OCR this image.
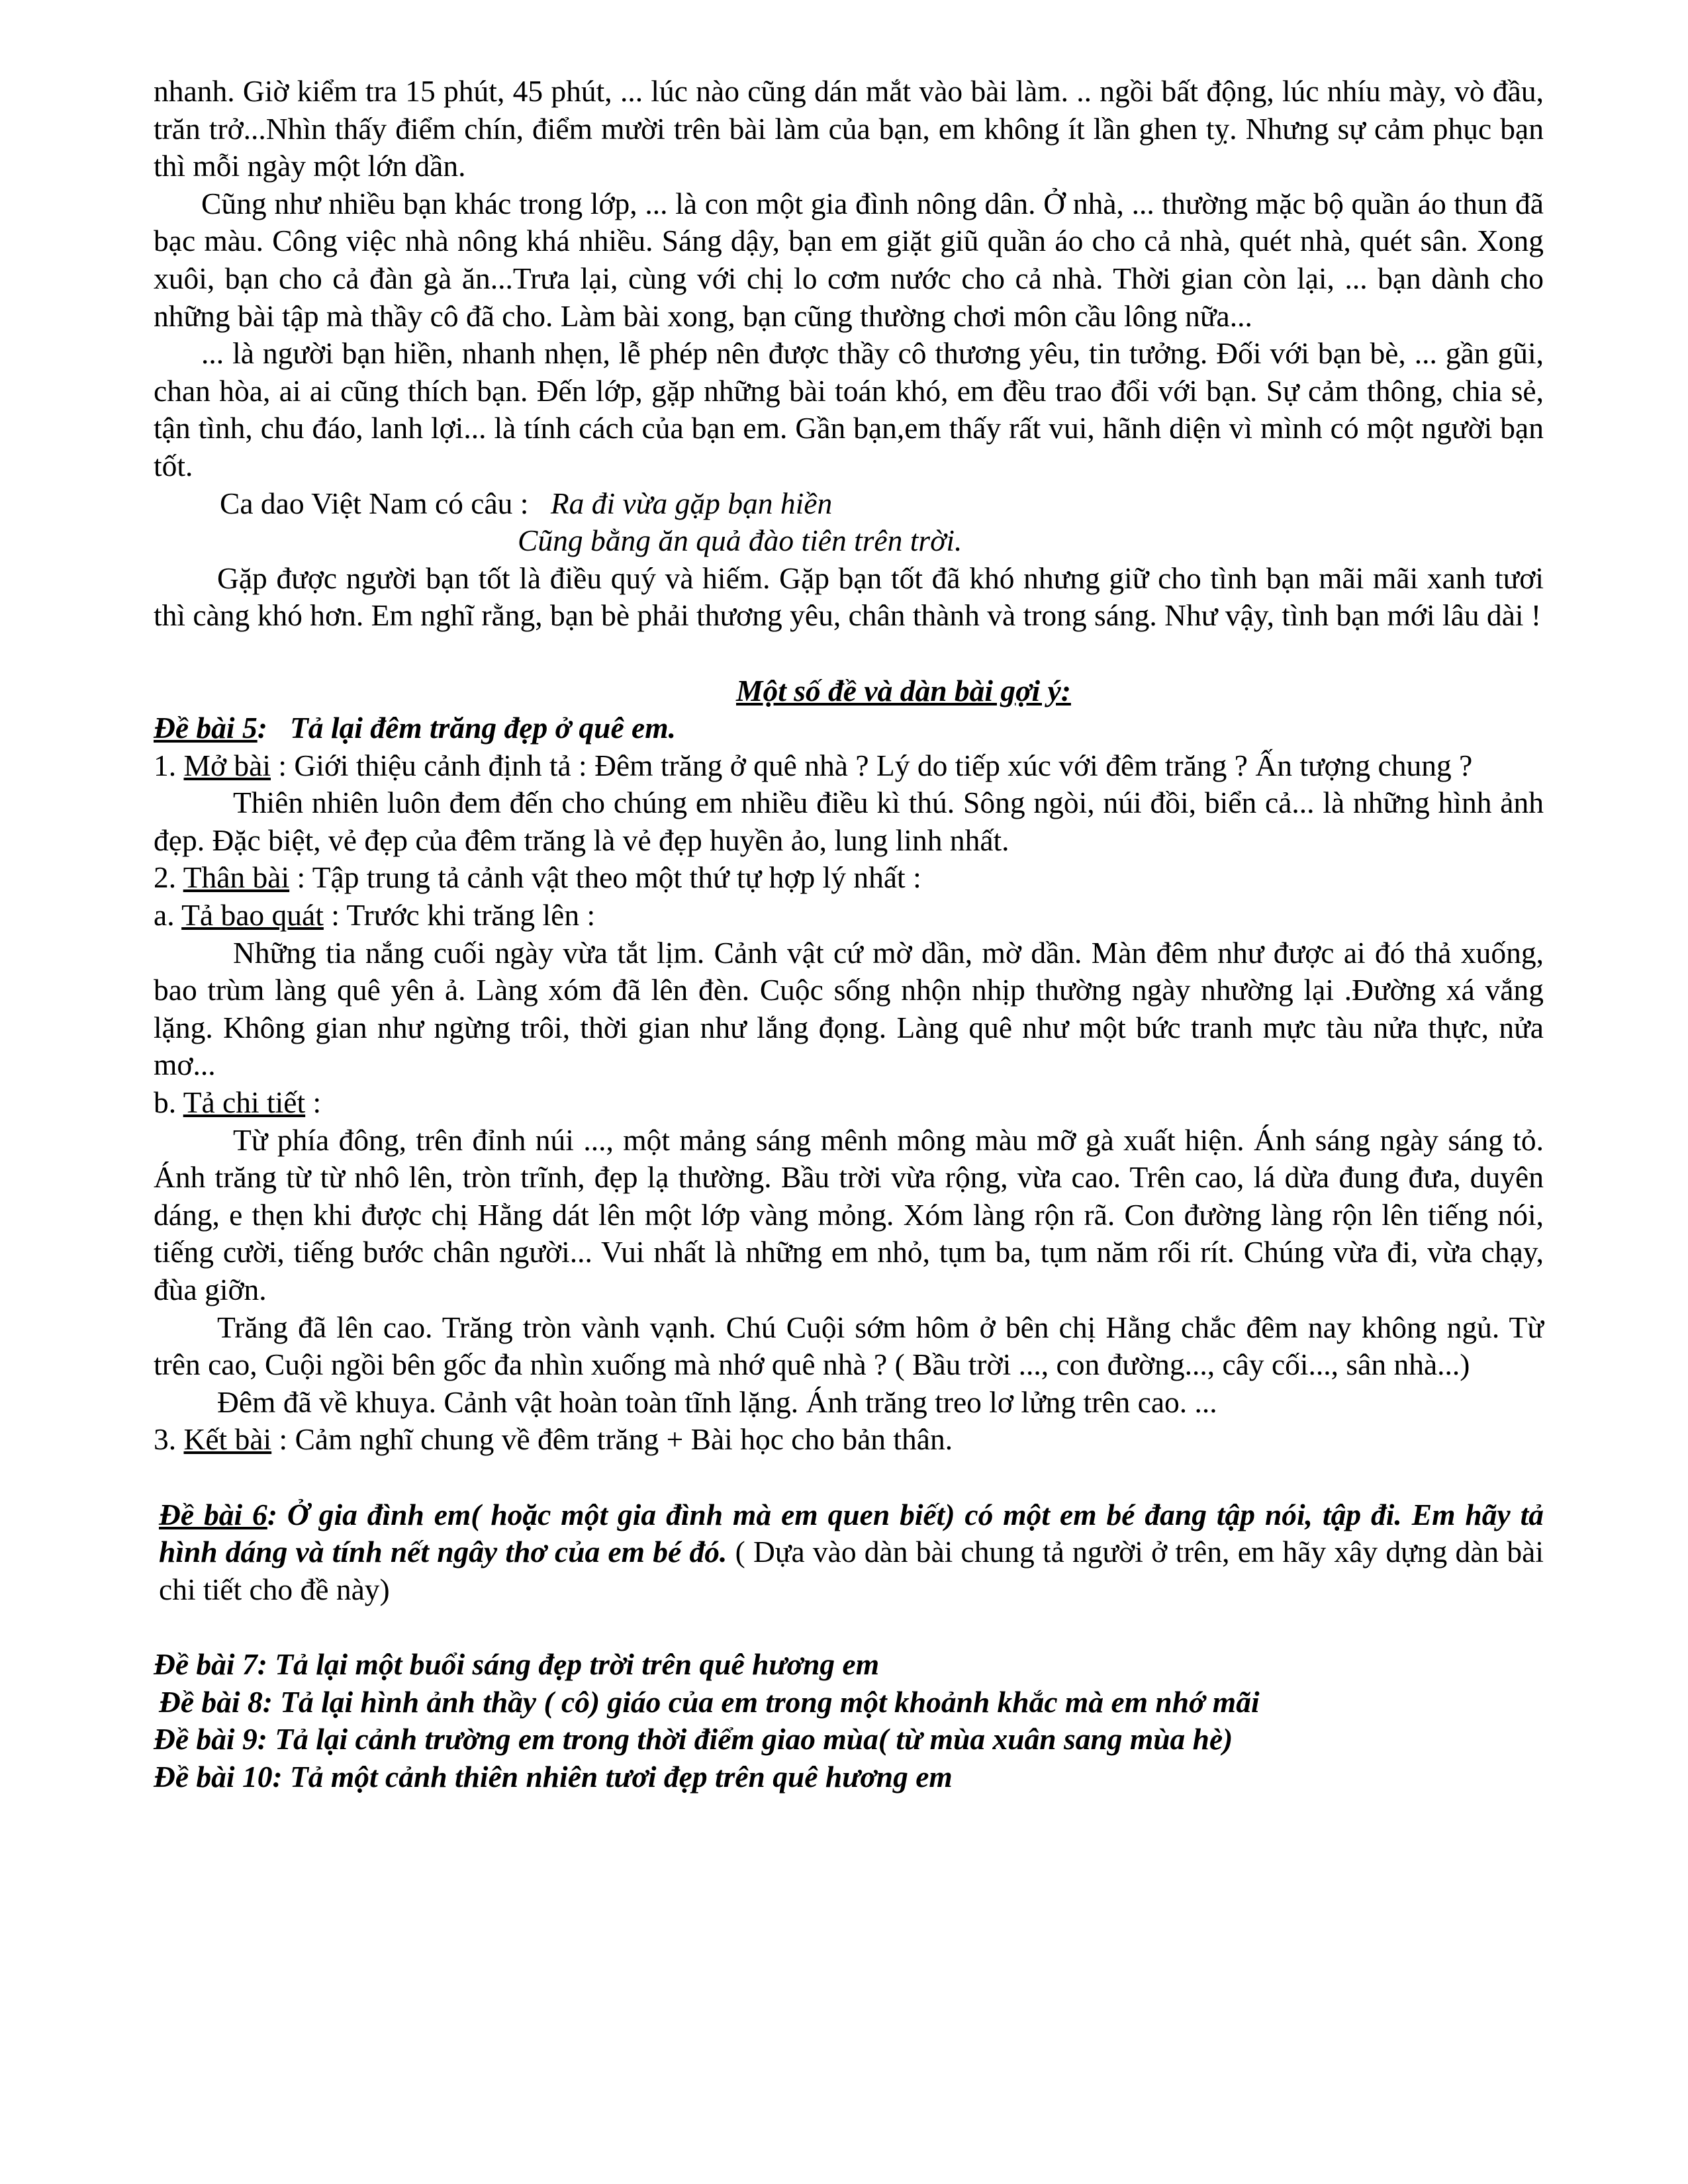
nhanh. Giờ kiểm tra 15 phút, 45 phút, ... lúc nào cũng dán mắt vào bài làm. .. ngồi bất động, lúc nhíu mày, vò đầu, trăn trở...Nhìn thấy điểm chín, điểm mười trên bài làm của bạn, em không ít lần ghen tỵ. Nhưng sự cảm phục bạn thì mỗi ngày một lớn dần.

Cũng như nhiều bạn khác trong lớp, ... là con một gia đình nông dân. Ở nhà, ... thường mặc bộ quần áo thun đã bạc màu. Công việc nhà nông khá nhiều. Sáng dậy, bạn em giặt giũ quần áo cho cả nhà, quét nhà, quét sân. Xong xuôi, bạn cho cả đàn gà ăn...Trưa lại, cùng với chị lo cơm nước cho cả nhà. Thời gian còn lại, ... bạn dành cho những bài tập mà thầy cô đã cho. Làm bài xong, bạn cũng thường chơi môn cầu lông nữa...

... là người bạn hiền, nhanh nhẹn, lễ phép nên được thầy cô thương yêu, tin tưởng. Đối với bạn bè, ... gần gũi, chan hòa, ai ai cũng thích bạn. Đến lớp, gặp những bài toán khó, em đều trao đổi với bạn. Sự cảm thông, chia sẻ, tận tình, chu đáo, lanh lợi... là tính cách của bạn em. Gần bạn,em thấy rất vui, hãnh diện vì mình có một người bạn tốt.

Ca dao Việt Nam có câu : Ra đi vừa gặp bạn hiền
Cũng bằng ăn quả đào tiên trên trời.

Gặp được người bạn tốt là điều quý và hiếm. Gặp bạn tốt đã khó nhưng giữ cho tình bạn mãi mãi xanh tươi thì càng khó hơn. Em nghĩ rằng, bạn bè phải thương yêu, chân thành và trong sáng. Như vậy, tình bạn mới lâu dài !

Một số đề và dàn bài gợi ý:
Đề bài 5: Tả lại đêm trăng đẹp ở quê em.

1. Mở bài : Giới thiệu cảnh định tả : Đêm trăng ở quê nhà ? Lý do tiếp xúc với đêm trăng ? Ấn tượng chung ?

Thiên nhiên luôn đem đến cho chúng em nhiều điều kì thú. Sông ngòi, núi đồi, biển cả... là những hình ảnh đẹp. Đặc biệt, vẻ đẹp của đêm trăng là vẻ đẹp huyền ảo, lung linh nhất.

2. Thân bài : Tập trung tả cảnh vật theo một thứ tự hợp lý nhất :

a. Tả bao quát : Trước khi trăng lên :

Những tia nắng cuối ngày vừa tắt lịm. Cảnh vật cứ mờ dần, mờ dần. Màn đêm như được ai đó thả xuống, bao trùm làng quê yên ả. Làng xóm đã lên đèn. Cuộc sống nhộn nhịp thường ngày nhường lại .Đường xá vắng lặng. Không gian như ngừng trôi, thời gian như lắng đọng. Làng quê như một bức tranh mực tàu nửa thực, nửa mơ...

b. Tả chi tiết :

Từ phía đông, trên đỉnh núi ..., một mảng sáng mênh mông màu mỡ gà xuất hiện. Ánh sáng ngày sáng tỏ. Ánh trăng từ từ nhô lên, tròn trĩnh, đẹp lạ thường. Bầu trời vừa rộng, vừa cao. Trên cao, lá dừa đung đưa, duyên dáng, e thẹn khi được chị Hằng dát lên một lớp vàng mỏng. Xóm làng rộn rã. Con đường làng rộn lên tiếng nói, tiếng cười, tiếng bước chân người... Vui nhất là những em nhỏ, tụm ba, tụm năm rối rít. Chúng vừa đi, vừa chạy, đùa giỡn.

Trăng đã lên cao. Trăng tròn vành vạnh. Chú Cuội sớm hôm ở bên chị Hằng chắc đêm nay không ngủ. Từ trên cao, Cuội ngồi bên gốc đa nhìn xuống mà nhớ quê nhà ? ( Bầu trời ..., con đường..., cây cối..., sân nhà...)

Đêm đã về khuya. Cảnh vật hoàn toàn tĩnh lặng. Ánh trăng treo lơ lửng trên cao. ...

3. Kết bài : Cảm nghĩ chung về đêm trăng + Bài học cho bản thân.

Đề bài 6: Ở gia đình em( hoặc một gia đình mà em quen biết) có một em bé đang tập nói, tập đi. Em hãy tả hình dáng và tính nết ngây thơ của em bé đó. ( Dựa vào dàn bài chung tả người ở trên, em hãy xây dựng dàn bài chi tiết cho đề này)

Đề bài 7: Tả lại một buổi sáng đẹp trời trên quê hương em
Đề bài 8: Tả lại hình ảnh thầy ( cô) giáo của em trong một khoảnh khắc mà em nhớ mãi
Đề bài 9: Tả lại cảnh trường em trong thời điểm giao mùa( từ mùa xuân sang mùa hè)
Đề bài 10: Tả một cảnh thiên nhiên tươi đẹp trên quê hương em
